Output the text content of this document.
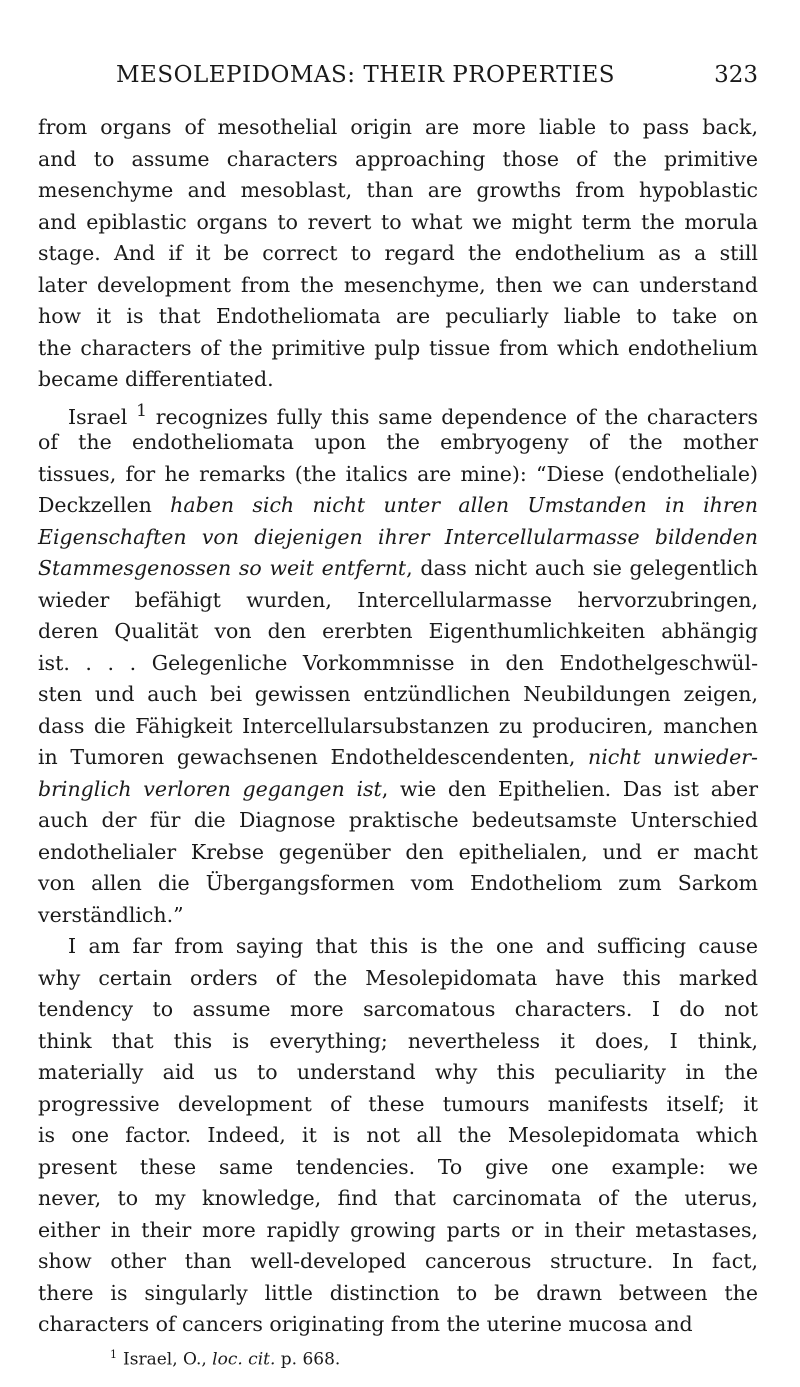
MESOLEPIDOMAS: THEIR PROPERTIES	323
from organs of mesothelial origin are more liable to pass back,
and to assume characters approaching those of the primitive
mesenchyme and mesoblast, than are growths from hypoblastic
and epiblastic organs to revert to what we might term the morula
stage. And if it be correct to regard the endothelium as a still
later development from the mesenchyme, then we can understand
how it is that Endotheliomata are peculiarly liable to take on
the characters of the primitive pulp tissue from which endothelium
became differentiated.
Israel $^1$ recognizes fully this same dependence of the characters
of the endotheliomata upon the embryogeny of the mother
tissues, for he remarks (the italics are mine): “Diese (endotheliale)
Deckzellen haben sich nicht unter allen Umstanden in ihren
Eigenschaften von diejenigen ihrer Intercellularmasse bildenden
Stammesgenossen so weit entfernt, dass nicht auch sie gelegentlich
wieder befähigt wurden, Intercellularmasse hervorzubringen,
deren Qualität von den ererbten Eigenthumlichkeiten abhängig
ist. . . . Gelegenliche Vorkommnisse in den Endothelgeschwül-
sten und auch bei gewissen entzündlichen Neubildungen zeigen,
dass die Fähigkeit Intercellularsubstanzen zu produciren, manchen
in Tumoren gewachsenen Endotheldescendenten, nicht unwieder-
bringlich verloren gegangen ist, wie den Epithelien. Das ist aber
auch der für die Diagnose praktische bedeutsamste Unterschied
endothelialer Krebse gegenüber den epithelialen, und er macht
von allen die Übergangsformen vom Endotheliom zum Sarkom
verständlich.”
I am far from saying that this is the one and sufficing cause
why certain orders of the Mesolepidomata have this marked
tendency to assume more sarcomatous characters. I do not
think that this is everything; nevertheless it does, I think,
materially aid us to understand why this peculiarity in the
progressive development of these tumours manifests itself; it
is one factor. Indeed, it is not all the Mesolepidomata which
present these same tendencies. To give one example: we
never, to my knowledge, find that carcinomata of the uterus,
either in their more rapidly growing parts or in their metastases,
show other than well-developed cancerous structure. In fact,
there is singularly little distinction to be drawn between the
characters of cancers originating from the uterine mucosa and
$^1$ Israel, O., loc. cit. p. 668.
